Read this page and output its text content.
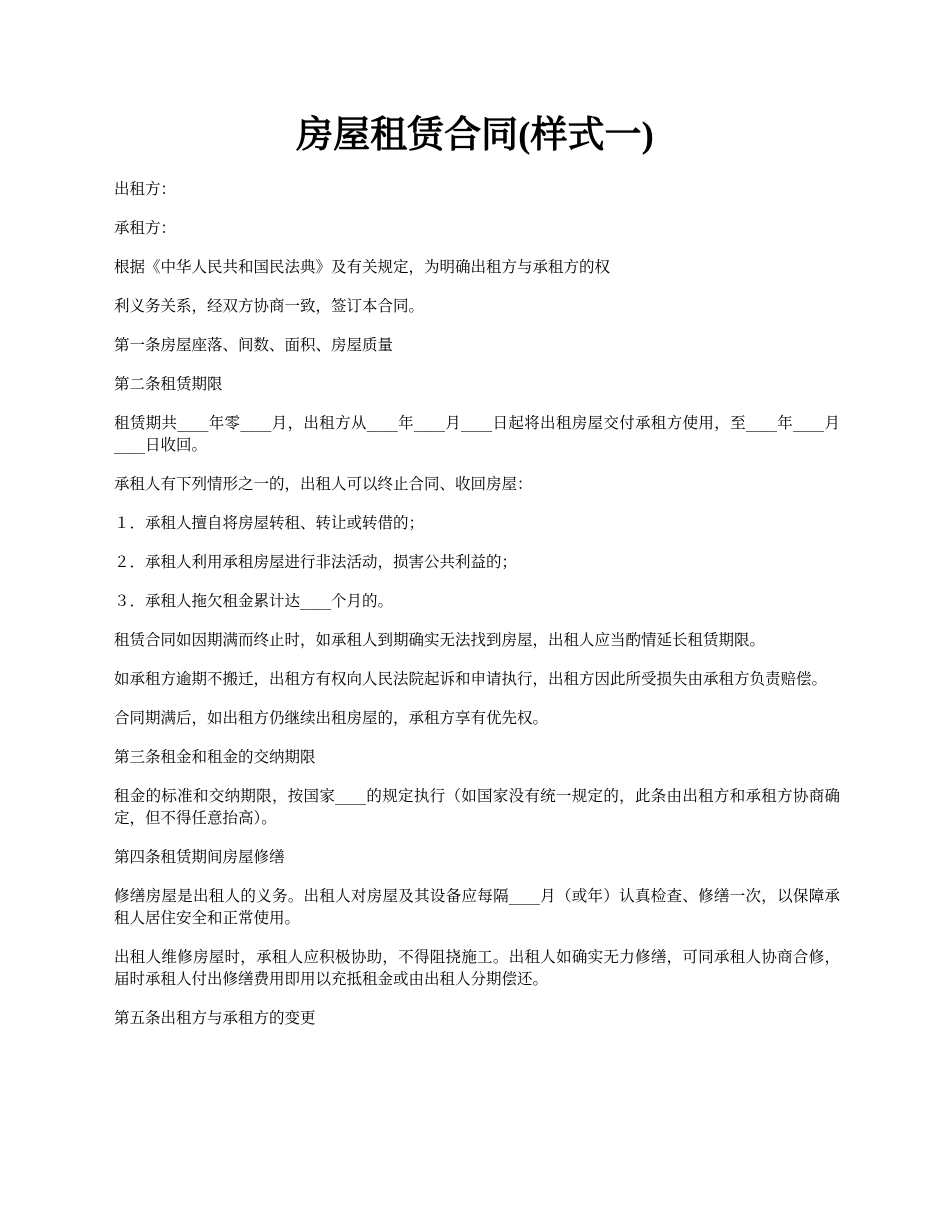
房屋租赁合同(样式一)

出租方：

承租方：

根据《中华人民共和国民法典》及有关规定，为明确出租方与承租方的权

利义务关系，经双方协商一致，签订本合同。

第一条房屋座落、间数、面积、房屋质量

第二条租赁期限

租赁期共____年零____月，出租方从____年____月____日起将出租房屋交付承租方使用，至____年____月____日收回。

承租人有下列情形之一的，出租人可以终止合同、收回房屋：

１．承租人擅自将房屋转租、转让或转借的；

２．承租人利用承租房屋进行非法活动，损害公共利益的；

３．承租人拖欠租金累计达____个月的。

租赁合同如因期满而终止时，如承租人到期确实无法找到房屋，出租人应当酌情延长租赁期限。

如承租方逾期不搬迁，出租方有权向人民法院起诉和申请执行，出租方因此所受损失由承租方负责赔偿。

合同期满后，如出租方仍继续出租房屋的，承租方享有优先权。

第三条租金和租金的交纳期限

租金的标准和交纳期限，按国家____的规定执行（如国家没有统一规定的，此条由出租方和承租方协商确定，但不得任意抬高）。

第四条租赁期间房屋修缮

修缮房屋是出租人的义务。出租人对房屋及其设备应每隔____月（或年）认真检查、修缮一次，以保障承租人居住安全和正常使用。

出租人维修房屋时，承租人应积极协助，不得阻挠施工。出租人如确实无力修缮，可同承租人协商合修，届时承租人付出修缮费用即用以充抵租金或由出租人分期偿还。

第五条出租方与承租方的变更
